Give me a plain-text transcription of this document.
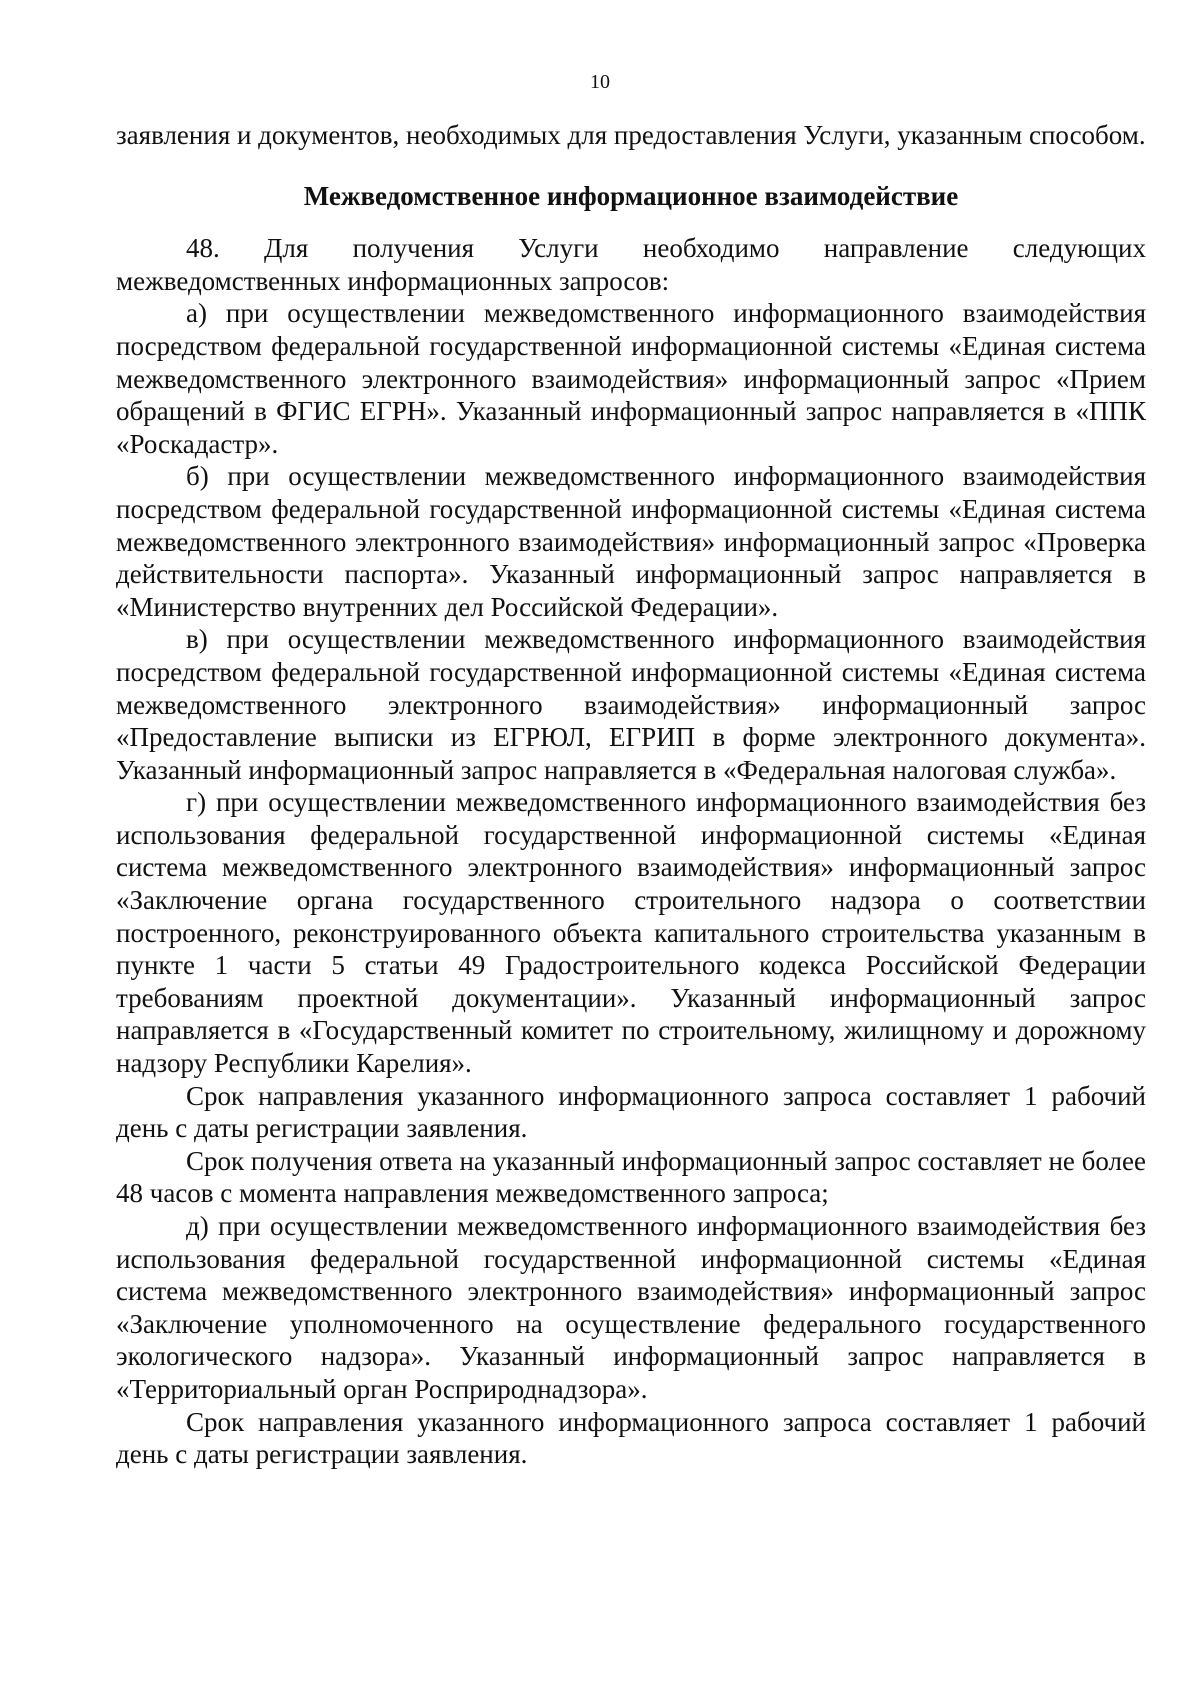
10

заявления и документов, необходимых для предоставления Услуги, указанным способом.

Межведомственное информационное взаимодействие

48. Для получения Услуги необходимо направление следующих межведомственных информационных запросов:

а) при осуществлении межведомственного информационного взаимодействия посредством федеральной государственной информационной системы «Единая система межведомственного электронного взаимодействия» информационный запрос «Прием обращений в ФГИС ЕГРН». Указанный информационный запрос направляется в «ППК «Роскадастр».

б) при осуществлении межведомственного информационного взаимодействия посредством федеральной государственной информационной системы «Единая система межведомственного электронного взаимодействия» информационный запрос «Проверка действительности паспорта». Указанный информационный запрос направляется в «Министерство внутренних дел Российской Федерации».

в) при осуществлении межведомственного информационного взаимодействия посредством федеральной государственной информационной системы «Единая система межведомственного электронного взаимодействия» информационный запрос «Предоставление выписки из ЕГРЮЛ, ЕГРИП в форме электронного документа». Указанный информационный запрос направляется в «Федеральная налоговая служба».

г) при осуществлении межведомственного информационного взаимодействия без использования федеральной государственной информационной системы «Единая система межведомственного электронного взаимодействия» информационный запрос «Заключение органа государственного строительного надзора о соответствии построенного, реконструированного объекта капитального строительства указанным в пункте 1 части 5 статьи 49 Градостроительного кодекса Российской Федерации требованиям проектной документации». Указанный информационный запрос направляется в «Государственный комитет по строительному, жилищному и дорожному надзору Республики Карелия».

Срок направления указанного информационного запроса составляет 1 рабочий день с даты регистрации заявления.

Срок получения ответа на указанный информационный запрос составляет не более 48 часов с момента направления межведомственного запроса;

д) при осуществлении межведомственного информационного взаимодействия без использования федеральной государственной информационной системы «Единая система межведомственного электронного взаимодействия» информационный запрос «Заключение уполномоченного на осуществление федерального государственного экологического надзора». Указанный информационный запрос направляется в «Территориальный орган Росприроднадзора».

Срок направления указанного информационного запроса составляет 1 рабочий день с даты регистрации заявления.
